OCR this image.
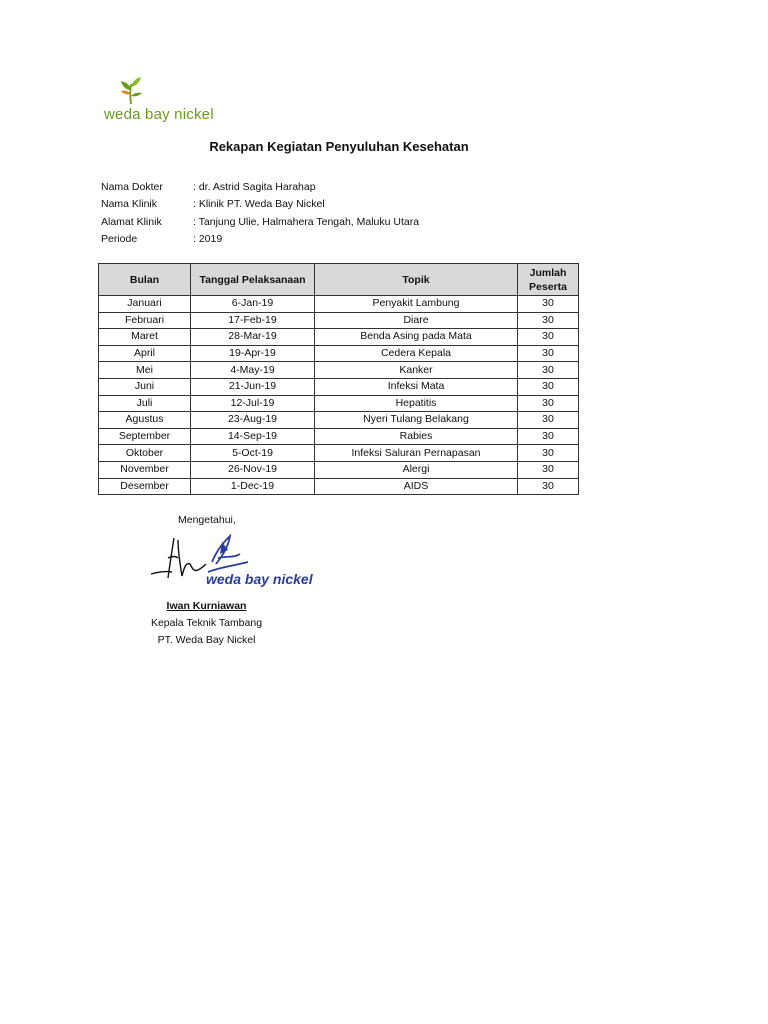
weda bay nickel
Rekapan Kegiatan Penyuluhan Kesehatan
Nama Dokter	: dr. Astrid Sagita Harahap
Nama Klinik	: Klinik PT. Weda Bay Nickel
Alamat Klinik	: Tanjung Ulie, Halmahera Tengah, Maluku Utara
Periode	: 2019
Bulan	Tanggal Pelaksanaan	Topik	Jumlah Peserta
Januari	6-Jan-19	Penyakit Lambung	30
Februari	17-Feb-19	Diare	30
Maret	28-Mar-19	Benda Asing pada Mata	30
April	19-Apr-19	Cedera Kepala	30
Mei	4-May-19	Kanker	30
Juni	21-Jun-19	Infeksi Mata	30
Juli	12-Jul-19	Hepatitis	30
Agustus	23-Aug-19	Nyeri Tulang Belakang	30
September	14-Sep-19	Rabies	30
Oktober	5-Oct-19	Infeksi Saluran Pernapasan	30
November	26-Nov-19	Alergi	30
Desember	1-Dec-19	AIDS	30
Mengetahui,
weda bay nickel
Iwan Kurniawan
Kepala Teknik Tambang
PT. Weda Bay Nickel
